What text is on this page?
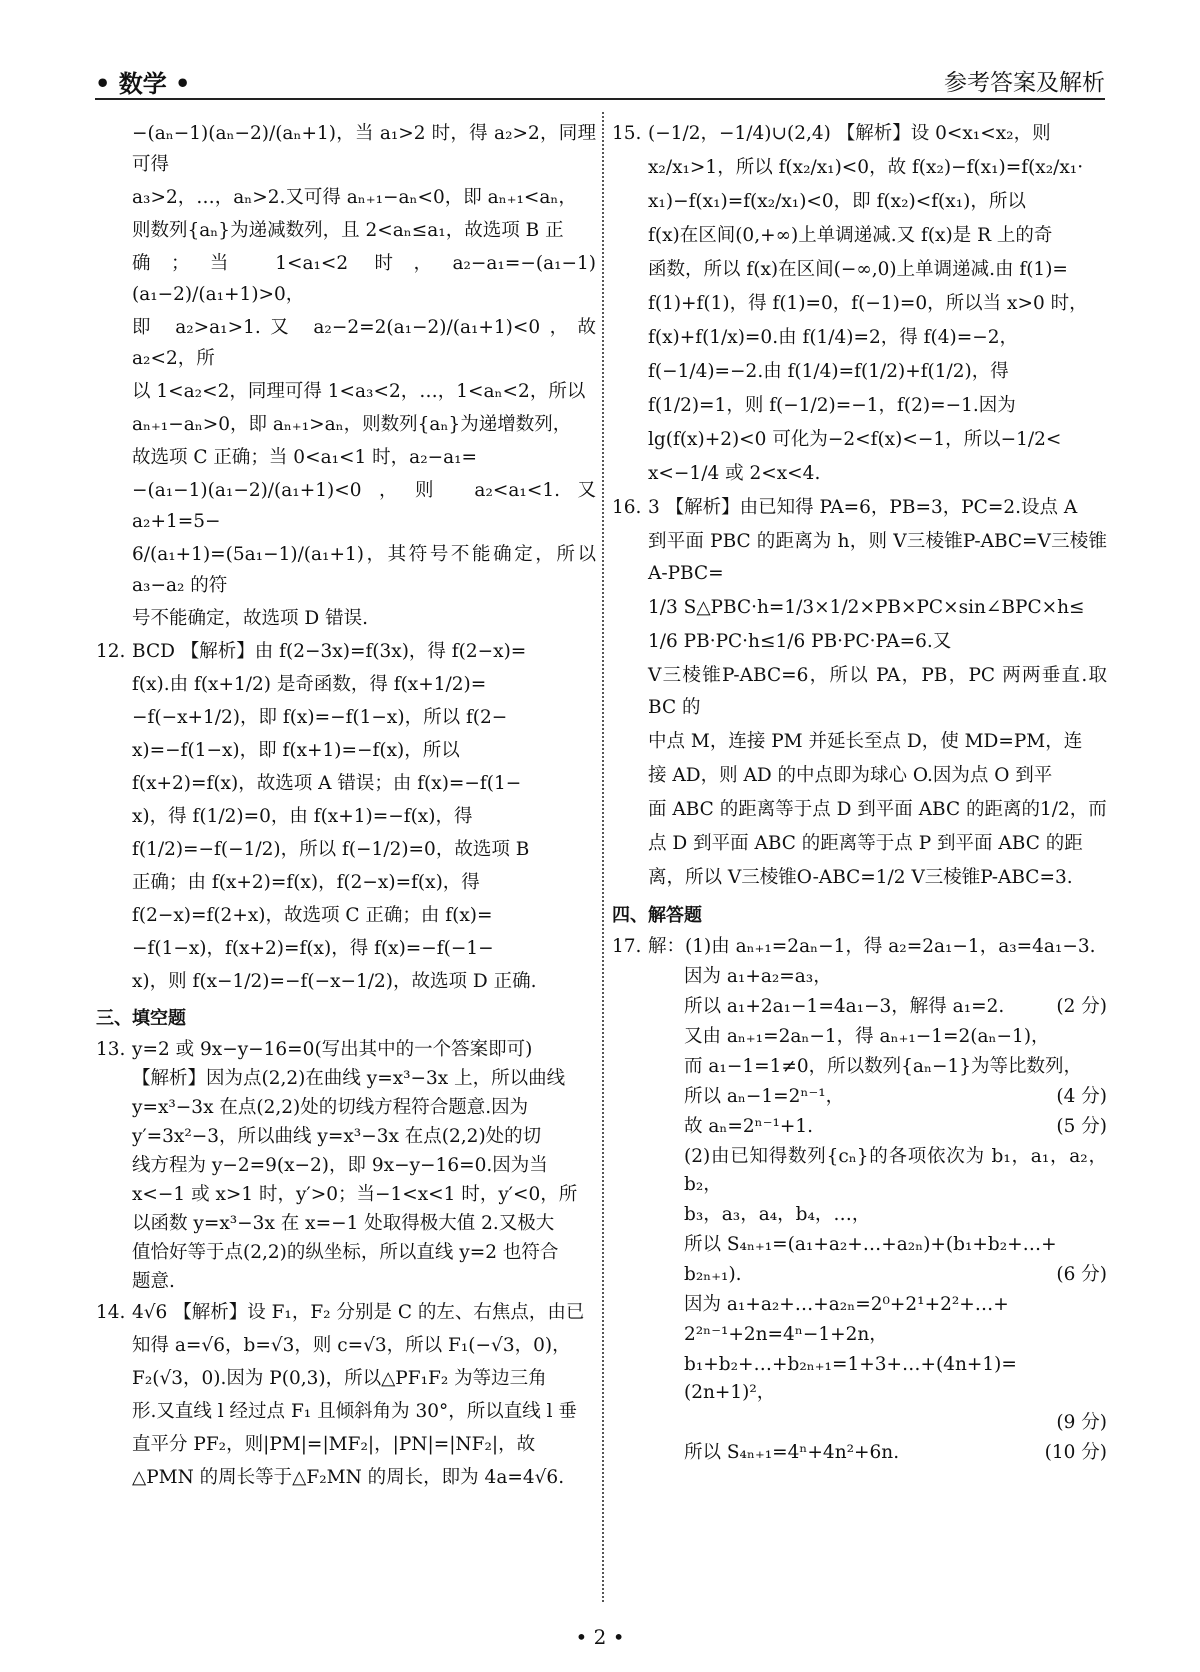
• 数学 •	参考答案及解析

−(aₙ−1)(aₙ−2)/(aₙ+1)，当 a₁>2 时，得 a₂>2，同理可得

a₃>2，…，aₙ>2.又可得 aₙ₊₁−aₙ<0，即 aₙ₊₁<aₙ，

则数列{aₙ}为递减数列，且 2<aₙ≤a₁，故选项 B 正

确；当 1<a₁<2 时，a₂−a₁=−(a₁−1)(a₁−2)/(a₁+1)>0，

即 a₂>a₁>1.又 a₂−2=2(a₁−2)/(a₁+1)<0，故 a₂<2，所

以 1<a₂<2，同理可得 1<a₃<2，…，1<aₙ<2，所以

aₙ₊₁−aₙ>0，即 aₙ₊₁>aₙ，则数列{aₙ}为递增数列，

故选项 C 正确；当 0<a₁<1 时，a₂−a₁=

−(a₁−1)(a₁−2)/(a₁+1)<0，则 a₂<a₁<1.又 a₂+1=5−

6/(a₁+1)=(5a₁−1)/(a₁+1)，其符号不能确定，所以 a₃−a₂ 的符

号不能确定，故选项 D 错误.

12. BCD 【解析】由 f(2−3x)=f(3x)，得 f(2−x)=

f(x).由 f(x+1/2) 是奇函数，得 f(x+1/2)=

−f(−x+1/2)，即 f(x)=−f(1−x)，所以 f(2−

x)=−f(1−x)，即 f(x+1)=−f(x)，所以

f(x+2)=f(x)，故选项 A 错误；由 f(x)=−f(1−

x)，得 f(1/2)=0，由 f(x+1)=−f(x)，得

f(1/2)=−f(−1/2)，所以 f(−1/2)=0，故选项 B

正确；由 f(x+2)=f(x)，f(2−x)=f(x)，得

f(2−x)=f(2+x)，故选项 C 正确；由 f(x)=

−f(1−x)，f(x+2)=f(x)，得 f(x)=−f(−1−

x)，则 f(x−1/2)=−f(−x−1/2)，故选项 D 正确.

三、填空题

13. y=2 或 9x−y−16=0(写出其中的一个答案即可)

【解析】因为点(2,2)在曲线 y=x³−3x 上，所以曲线

y=x³−3x 在点(2,2)处的切线方程符合题意.因为

y′=3x²−3，所以曲线 y=x³−3x 在点(2,2)处的切

线方程为 y−2=9(x−2)，即 9x−y−16=0.因为当

x<−1 或 x>1 时，y′>0；当−1<x<1 时，y′<0，所

以函数 y=x³−3x 在 x=−1 处取得极大值 2.又极大

值恰好等于点(2,2)的纵坐标，所以直线 y=2 也符合

题意.

14. 4√6 【解析】设 F₁，F₂ 分别是 C 的左、右焦点，由已

知得 a=√6，b=√3，则 c=√3，所以 F₁(−√3，0)，

F₂(√3，0).因为 P(0,3)，所以△PF₁F₂ 为等边三角

形.又直线 l 经过点 F₁ 且倾斜角为 30°，所以直线 l 垂

直平分 PF₂，则|PM|=|MF₂|，|PN|=|NF₂|，故

△PMN 的周长等于△F₂MN 的周长，即为 4a=4√6.

15. (−1/2，−1/4)∪(2,4) 【解析】设 0<x₁<x₂，则

x₂/x₁>1，所以 f(x₂/x₁)<0，故 f(x₂)−f(x₁)=f(x₂/x₁·

x₁)−f(x₁)=f(x₂/x₁)<0，即 f(x₂)<f(x₁)，所以

f(x)在区间(0,+∞)上单调递减.又 f(x)是 R 上的奇

函数，所以 f(x)在区间(−∞,0)上单调递减.由 f(1)=

f(1)+f(1)，得 f(1)=0，f(−1)=0，所以当 x>0 时，

f(x)+f(1/x)=0.由 f(1/4)=2，得 f(4)=−2，

f(−1/4)=−2.由 f(1/4)=f(1/2)+f(1/2)，得

f(1/2)=1，则 f(−1/2)=−1，f(2)=−1.因为

lg(f(x)+2)<0 可化为−2<f(x)<−1，所以−1/2<

x<−1/4 或 2<x<4.

16. 3 【解析】由已知得 PA=6，PB=3，PC=2.设点 A

到平面 PBC 的距离为 h，则 V三棱锥P-ABC=V三棱锥A-PBC=

1/3 S△PBC·h=1/3×1/2×PB×PC×sin∠BPC×h≤

1/6 PB·PC·h≤1/6 PB·PC·PA=6.又

V三棱锥P-ABC=6，所以 PA，PB，PC 两两垂直.取 BC 的

中点 M，连接 PM 并延长至点 D，使 MD=PM，连

接 AD，则 AD 的中点即为球心 O.因为点 O 到平

面 ABC 的距离等于点 D 到平面 ABC 的距离的1/2，而

点 D 到平面 ABC 的距离等于点 P 到平面 ABC 的距

离，所以 V三棱锥O-ABC=1/2 V三棱锥P-ABC=3.

四、解答题

17. 解：(1)由 aₙ₊₁=2aₙ−1，得 a₂=2a₁−1，a₃=4a₁−3.

因为 a₁+a₂=a₃，

所以 a₁+2a₁−1=4a₁−3，解得 a₁=2.	(2 分)

又由 aₙ₊₁=2aₙ−1，得 aₙ₊₁−1=2(aₙ−1)，

而 a₁−1=1≠0，所以数列{aₙ−1}为等比数列，

所以 aₙ−1=2ⁿ⁻¹，	(4 分)

故 aₙ=2ⁿ⁻¹+1.	(5 分)

(2)由已知得数列{cₙ}的各项依次为 b₁，a₁，a₂，b₂，

b₃，a₃，a₄，b₄，…，

所以 S₄ₙ₊₁=(a₁+a₂+…+a₂ₙ)+(b₁+b₂+…+

b₂ₙ₊₁).	(6 分)

因为 a₁+a₂+…+a₂ₙ=2⁰+2¹+2²+…+

2²ⁿ⁻¹+2n=4ⁿ−1+2n，

b₁+b₂+…+b₂ₙ₊₁=1+3+…+(4n+1)=(2n+1)²，

(9 分)

所以 S₄ₙ₊₁=4ⁿ+4n²+6n.	(10 分)

• 2 •
